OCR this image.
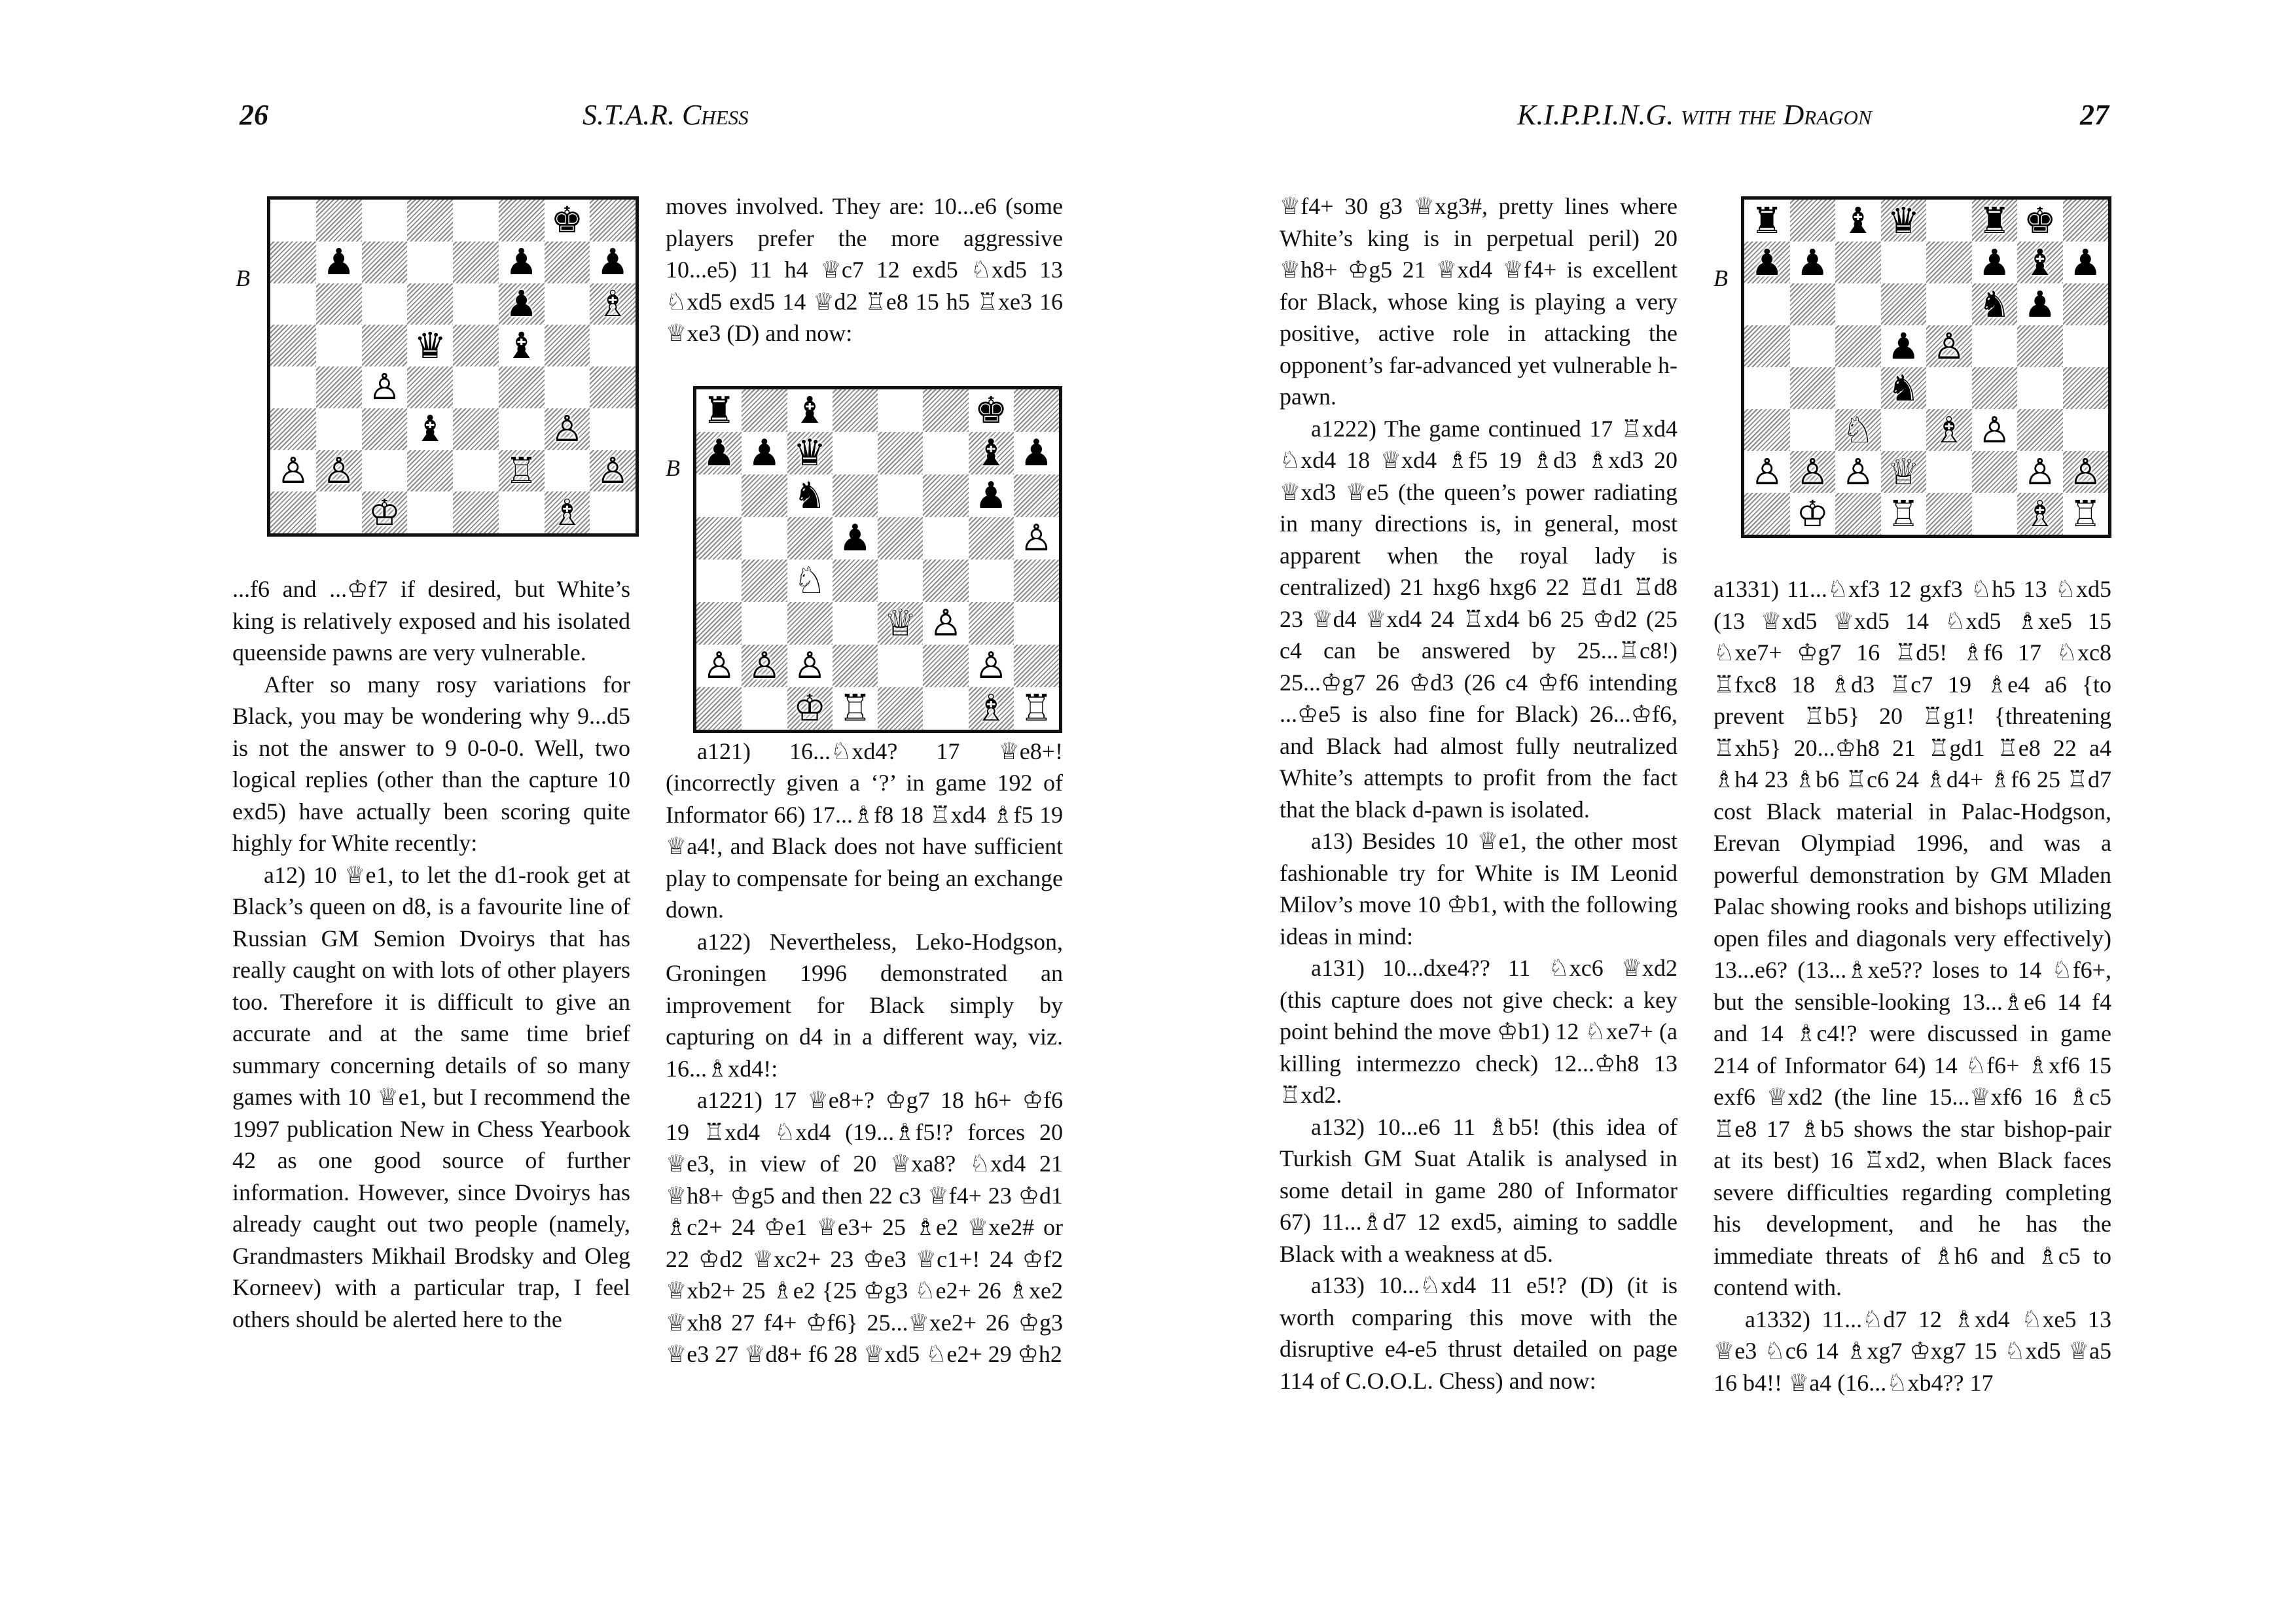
26	S.T.A.R. Chess	K.I.P.P.I.N.G. with the Dragon	27
B
♚
♟	♟ ♟
♟ ♗
♛ ♝
♙
♝	♙
♙ ♙	♖ ♙
♔	♗
B
♜ ♝	♚
♟ ♟ ♛	♝ ♟
♞	♟
♟	♙
♘
♕ ♙
♙ ♙ ♙	♙
♔ ♖	♗ ♖
B
♜ ♝ ♛ ♜ ♚
♟ ♟	♟ ♝ ♟
♞ ♟
♟ ♙
♞
♘ ♗ ♙
♙ ♙ ♙ ♕	♙ ♙
♔ ♖	♗ ♖

...f6 and ...♔f7 if desired, but White’s king is relatively exposed and his isolated queenside pawns are very vulnerable.

After so many rosy variations for Black, you may be wondering why 9...d5 is not the answer to 9 0-0-0. Well, two logical replies (other than the capture 10 exd5) have actually been scoring quite highly for White recently:

a12) 10 ♕e1, to let the d1-rook get at Black’s queen on d8, is a favourite line of Russian GM Semion Dvoirys that has really caught on with lots of other players too. Therefore it is difficult to give an accurate and at the same time brief summary concerning details of so many games with 10 ♕e1, but I recommend the 1997 publication New in Chess Yearbook 42 as one good source of further information. However, since Dvoirys has already caught out two people (namely, Grandmasters Mikhail Brodsky and Oleg Korneev) with a particular trap, I feel others should be alerted here to the

moves involved. They are: 10...e6 (some players prefer the more aggressive 10...e5) 11 h4 ♕c7 12 exd5 ♘xd5 13 ♘xd5 exd5 14 ♕d2 ♖e8 15 h5 ♖xe3 16 ♕xe3 (D) and now:

a121) 16...♘xd4? 17 ♕e8+! (incorrectly given a ‘?’ in game 192 of Informator 66) 17...♗f8 18 ♖xd4 ♗f5 19 ♕a4!, and Black does not have sufficient play to compensate for being an exchange down.

a122) Nevertheless, Leko-Hodgson, Groningen 1996 demonstrated an improvement for Black simply by capturing on d4 in a different way, viz. 16...♗xd4!:

a1221) 17 ♕e8+? ♔g7 18 h6+ ♔f6 19 ♖xd4 ♘xd4 (19...♗f5!? forces 20 ♕e3, in view of 20 ♕xa8? ♘xd4 21 ♕h8+ ♔g5 and then 22 c3 ♕f4+ 23 ♔d1 ♗c2+ 24 ♔e1 ♕e3+ 25 ♗e2 ♕xe2# or 22 ♔d2 ♕xc2+ 23 ♔e3 ♕c1+! 24 ♔f2 ♕xb2+ 25 ♗e2 {25 ♔g3 ♘e2+ 26 ♗xe2 ♕xh8 27 f4+ ♔f6} 25...♕xe2+ 26 ♔g3 ♕e3 27 ♕d8+ f6 28 ♕xd5 ♘e2+ 29 ♔h2

♕f4+ 30 g3 ♕xg3#, pretty lines where White’s king is in perpetual peril) 20 ♕h8+ ♔g5 21 ♕xd4 ♕f4+ is excellent for Black, whose king is playing a very positive, active role in attacking the opponent’s far-advanced yet vulnerable h-pawn.

a1222) The game continued 17 ♖xd4 ♘xd4 18 ♕xd4 ♗f5 19 ♗d3 ♗xd3 20 ♕xd3 ♕e5 (the queen’s power radiating in many directions is, in general, most apparent when the royal lady is centralized) 21 hxg6 hxg6 22 ♖d1 ♖d8 23 ♕d4 ♕xd4 24 ♖xd4 b6 25 ♔d2 (25 c4 can be answered by 25...♖c8!) 25...♔g7 26 ♔d3 (26 c4 ♔f6 intending ...♔e5 is also fine for Black) 26...♔f6, and Black had almost fully neutralized White’s attempts to profit from the fact that the black d-pawn is isolated.

a13) Besides 10 ♕e1, the other most fashionable try for White is IM Leonid Milov’s move 10 ♔b1, with the following ideas in mind:

a131) 10...dxe4?? 11 ♘xc6 ♕xd2 (this capture does not give check: a key point behind the move ♔b1) 12 ♘xe7+ (a killing intermezzo check) 12...♔h8 13 ♖xd2.

a132) 10...e6 11 ♗b5! (this idea of Turkish GM Suat Atalik is analysed in some detail in game 280 of Informator 67) 11...♗d7 12 exd5, aiming to saddle Black with a weakness at d5.

a133) 10...♘xd4 11 e5!? (D) (it is worth comparing this move with the disruptive e4-e5 thrust detailed on page 114 of C.O.O.L. Chess) and now:

a1331) 11...♘xf3 12 gxf3 ♘h5 13 ♘xd5 (13 ♕xd5 ♕xd5 14 ♘xd5 ♗xe5 15 ♘xe7+ ♔g7 16 ♖d5! ♗f6 17 ♘xc8 ♖fxc8 18 ♗d3 ♖c7 19 ♗e4 a6 {to prevent ♖b5} 20 ♖g1! {threatening ♖xh5} 20...♔h8 21 ♖gd1 ♖e8 22 a4 ♗h4 23 ♗b6 ♖c6 24 ♗d4+ ♗f6 25 ♖d7 cost Black material in Palac-Hodgson, Erevan Olympiad 1996, and was a powerful demonstration by GM Mladen Palac showing rooks and bishops utilizing open files and diagonals very effectively) 13...e6? (13...♗xe5?? loses to 14 ♘f6+, but the sensible-looking 13...♗e6 14 f4 and 14 ♗c4!? were discussed in game 214 of Informator 64) 14 ♘f6+ ♗xf6 15 exf6 ♕xd2 (the line 15...♕xf6 16 ♗c5 ♖e8 17 ♗b5 shows the star bishop-pair at its best) 16 ♖xd2, when Black faces severe difficulties regarding completing his development, and he has the immediate threats of ♗h6 and ♗c5 to contend with.

a1332) 11...♘d7 12 ♗xd4 ♘xe5 13 ♕e3 ♘c6 14 ♗xg7 ♔xg7 15 ♘xd5 ♕a5 16 b4!! ♕a4 (16...♘xb4?? 17
